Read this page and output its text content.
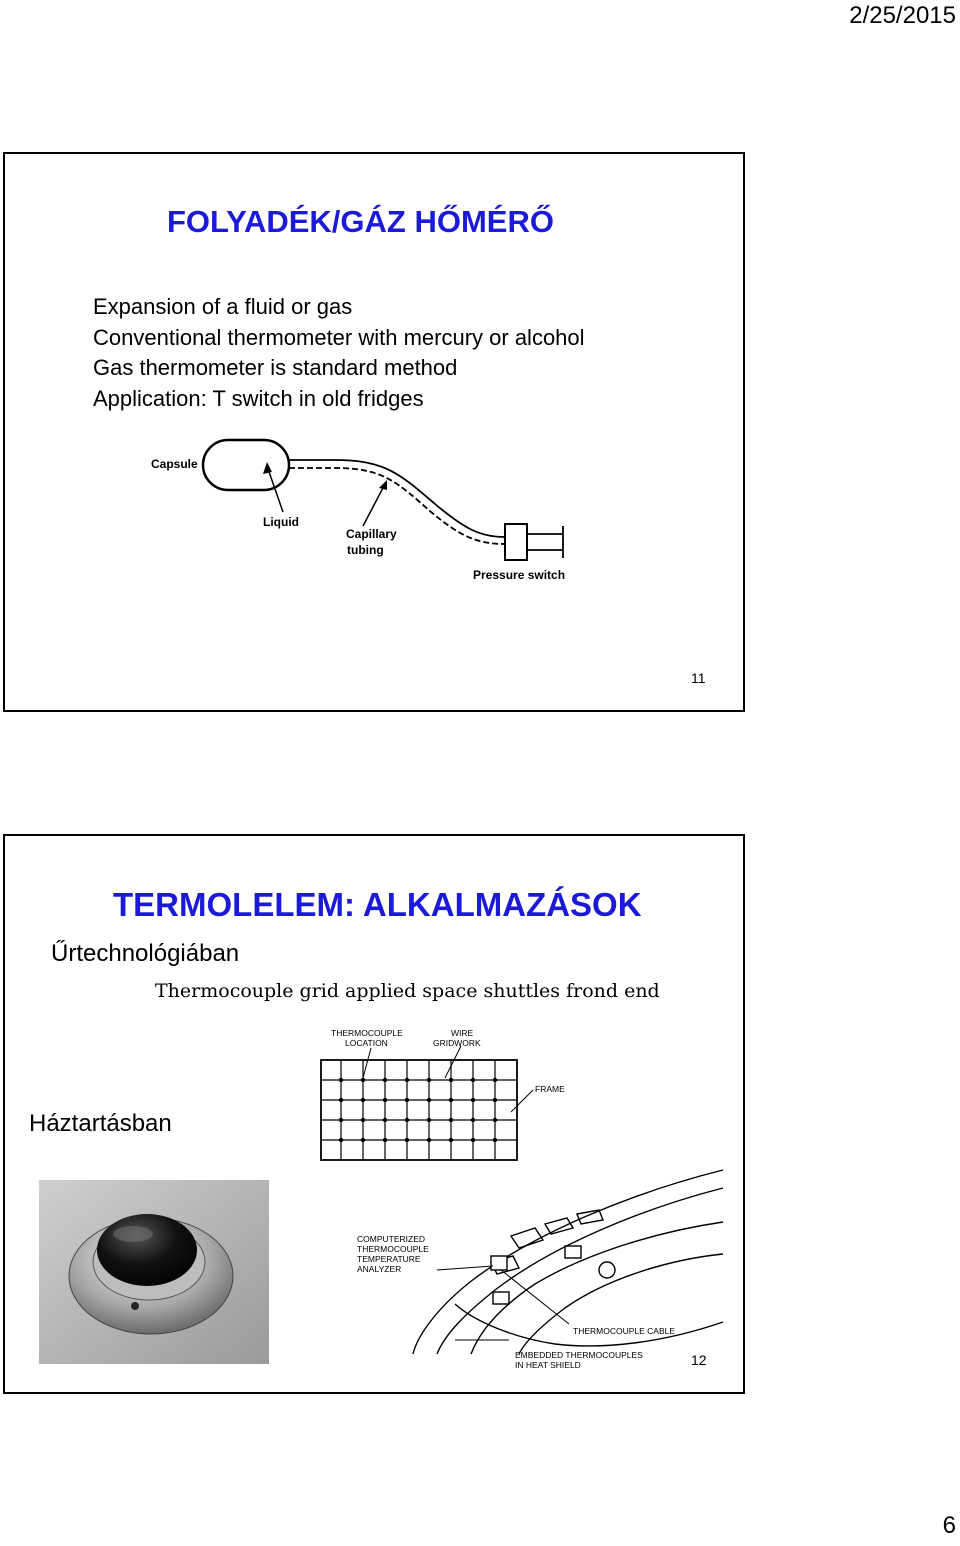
2/25/2015
FOLYADÉK/GÁZ HŐMÉRŐ
Expansion of a fluid or gas
Conventional thermometer with mercury or alcohol
Gas thermometer is standard method
Application: T switch in old fridges
Capsule
Liquid
Capillary
tubing
Pressure switch
11
TERMOLELEM: ALKALMAZÁSOK
Űrtechnológiában
Thermocouple grid applied space shuttles frond end
Háztartásban
THERMOCOUPLE
LOCATION
WIRE
GRIDWORK
FRAME
COMPUTERIZED
THERMOCOUPLE
TEMPERATURE
ANALYZER
THERMOCOUPLE CABLE
EMBEDDED THERMOCOUPLES
IN HEAT SHIELD	12
6
